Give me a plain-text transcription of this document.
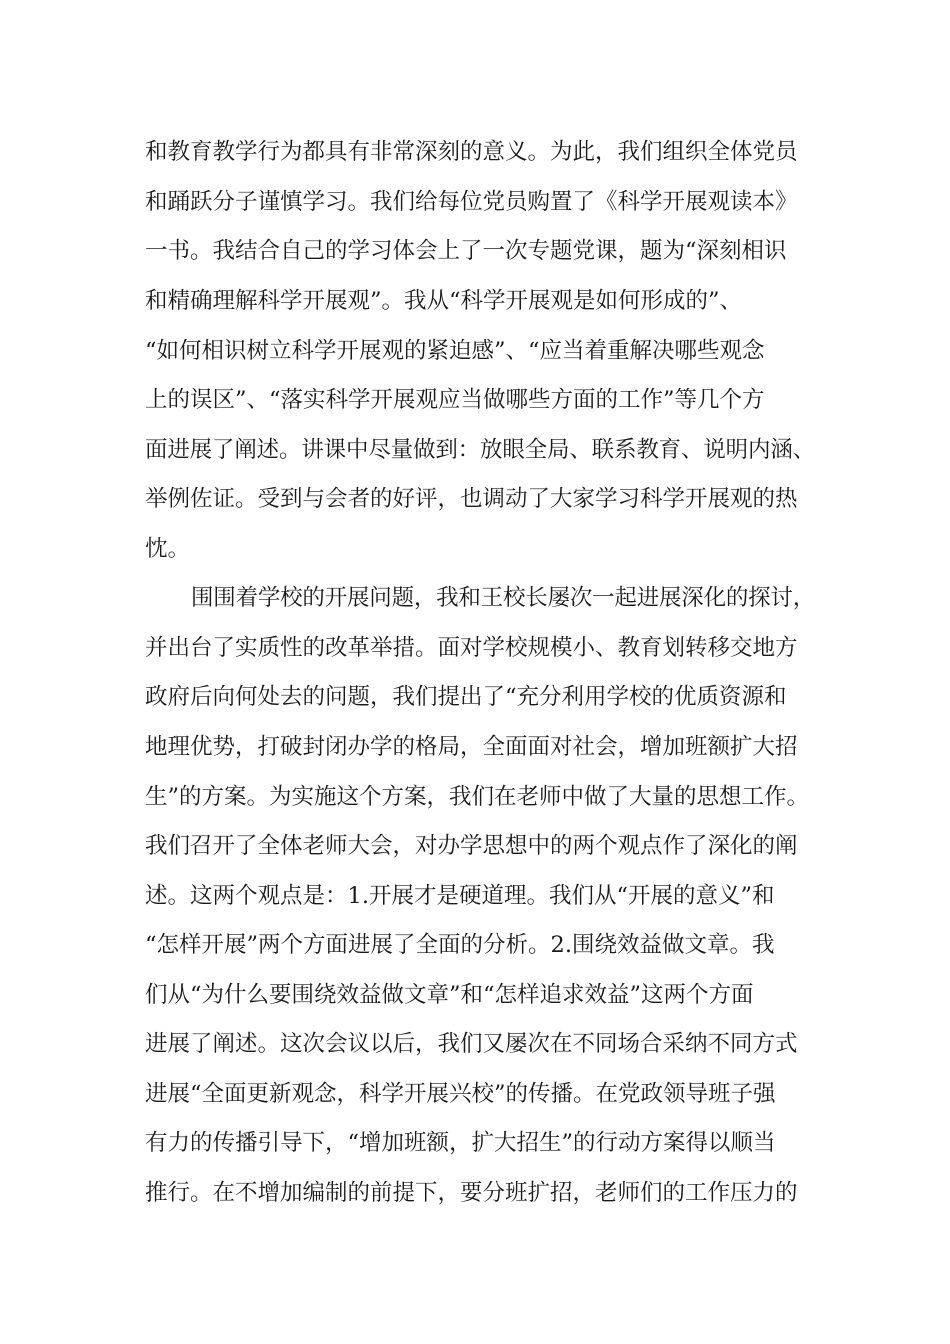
和教育教学行为都具有非常深刻的意义。为此，我们组织全体党员
和踊跃分子谨慎学习。我们给每位党员购置了《科学开展观读本》
一书。我结合自己的学习体会上了一次专题党课，题为“深刻相识
和精确理解科学开展观”。我从“科学开展观是如何形成的”、
“如何相识树立科学开展观的紧迫感”、“应当着重解决哪些观念
上的误区”、“落实科学开展观应当做哪些方面的工作”等几个方
面进展了阐述。讲课中尽量做到：放眼全局、联系教育、说明内涵、
举例佐证。受到与会者的好评，也调动了大家学习科学开展观的热
忱。
围围着学校的开展问题，我和王校长屡次一起进展深化的探讨，
并出台了实质性的改革举措。面对学校规模小、教育划转移交地方
政府后向何处去的问题，我们提出了“充分利用学校的优质资源和
地理优势，打破封闭办学的格局，全面面对社会，增加班额扩大招
生”的方案。为实施这个方案，我们在老师中做了大量的思想工作。
我们召开了全体老师大会，对办学思想中的两个观点作了深化的阐
述。这两个观点是：1.开展才是硬道理。我们从“开展的意义”和
“怎样开展”两个方面进展了全面的分析。2.围绕效益做文章。我
们从“为什么要围绕效益做文章”和“怎样追求效益”这两个方面
进展了阐述。这次会议以后，我们又屡次在不同场合采纳不同方式
进展“全面更新观念，科学开展兴校”的传播。在党政领导班子强
有力的传播引导下，“增加班额，扩大招生”的行动方案得以顺当
推行。在不增加编制的前提下，要分班扩招，老师们的工作压力的
